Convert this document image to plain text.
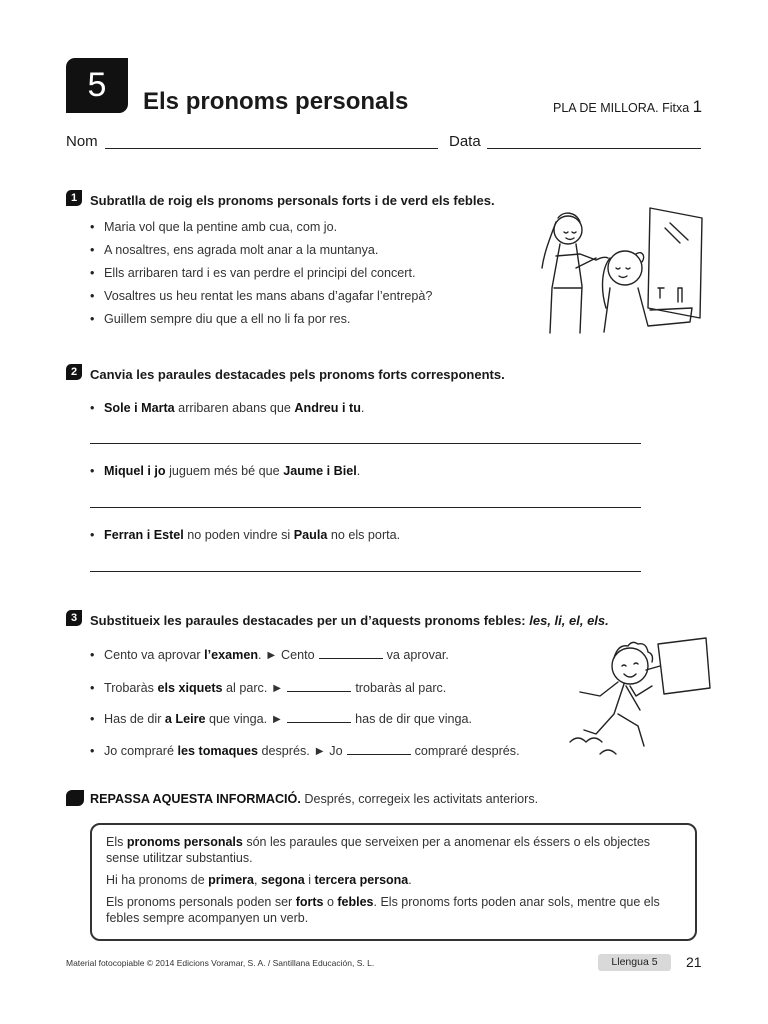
5	Els pronoms personals	PLA DE MILLORA. Fitxa 1
Nom	Data
1 Subratlla de roig els pronoms personals forts i de verd els febles.
• Maria vol que la pentine amb cua, com jo.
• A nosaltres, ens agrada molt anar a la muntanya.
• Ells arribaren tard i es van perdre el principi del concert.
• Vosaltres us heu rentat les mans abans d’agafar l’entrepà?
• Guillem sempre diu que a ell no li fa por res.
2 Canvia les paraules destacades pels pronoms forts corresponents.
• Sole i Marta arribaren abans que Andreu i tu.
• Miquel i jo juguem més bé que Jaume i Biel.
• Ferran i Estel no poden vindre si Paula no els porta.
3 Substitueix les paraules destacades per un d’aquests pronoms febles: les, li, el, els.
• Cento va aprovar l’examen. ► Cento	va aprovar.
• Trobaràs els xiquets al parc. ►	trobaràs al parc.
• Has de dir a Leire que vinga. ►	has de dir que vinga.
• Jo compraré les tomaques després. ► Jo	compraré després.
REPASSA AQUESTA INFORMACIÓ. Després, corregeix les activitats anteriors.

Els pronoms personals són les paraules que serveixen per a anomenar els éssers o els objectes sense utilitzar substantius.

Hi ha pronoms de primera, segona i tercera persona.

Els pronoms personals poden ser forts o febles. Els pronoms forts poden anar sols, mentre que els febles sempre acompanyen un verb.

Material fotocopiable © 2014 Edicions Voramar, S. A. / Santillana Educación, S. L.	Llengua 5	21
